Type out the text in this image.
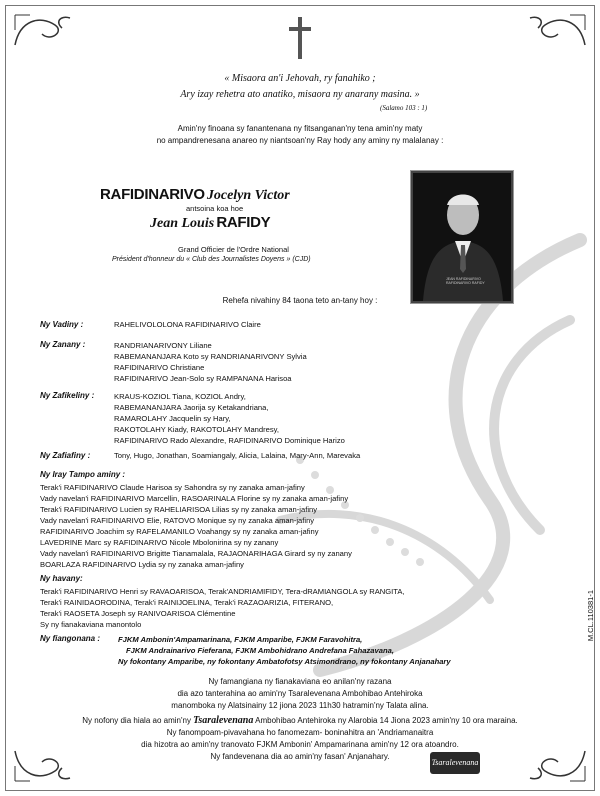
« Misaora an'i Jehovah, ry fanahiko ;
Ary izay rehetra ato anatiko, misaora ny anarany masina. »
(Salamo 103 : 1)
Amin'ny finoana sy fanantenana ny fitsanganan'ny tena amin'ny maty
no ampandrenesana anareo ny niantsoan'ny Ray hody any aminy ny malalanay :
RAFIDINARIVO Jocelyn Victor
antsoina koa hoe
Jean Louis RAFIDY
Grand Officier de l'Ordre National
Président d'honneur du « Club des Journalistes Doyens » (CJD)
JEAN RAFIDINARIVO
RAFIDINARIVO RAFIDY
Rehefa nivahiny 84 taona teto an-tany hoy :
Ny Vadiny :	RAHELIVOLOLONA RAFIDINARIVO Claire
Ny Zanany :	RANDRIANARIVONY Liliane
RABEMANANJARA Koto sy RANDRIANARIVONY Sylvia
RAFIDINARIVO Christiane
RAFIDINARIVO Jean-Solo sy RAMPANANA Harisoa
Ny Zafikeliny :	KRAUS-KOZIOL Tiana, KOZIOL Andry,
RABEMANANJARA Jaorija sy Ketakandriana,
RAMAROLAHY Jacquelin sy Hary,
RAKOTOLAHY Kiady, RAKOTOLAHY Mandresy,
RAFIDINARIVO Rado Alexandre, RAFIDINARIVO Dominique Harizo
Ny Zafiafiny :	Tony, Hugo, Jonathan, Soamiangaly, Alicia, Lalaina, Mary-Ann, Marevaka
Ny Iray Tampo aminy :
Terak'i RAFIDINARIVO Claude Harisoa sy Sahondra sy ny zanaka aman-jafiny
Vady navelan'i RAFIDINARIVO Marcellin, RASOARINALA Florine sy ny zanaka aman-jafiny
Terak'i RAFIDINARIVO Lucien sy RAHELIARISOA Lilias sy ny zanaka aman-jafiny
Vady navelan'i RAFIDINARIVO Elie, RATOVO Monique sy ny zanaka aman-jafiny
RAFIDINARIVO Joachim sy RAFELAMANILO Voahangy sy ny zanaka aman-jafiny
LAVEDRINE Marc sy RAFIDINARIVO Nicole Mbolonirina sy ny zanany
Vady navelan'i RAFIDINARIVO Brigitte Tianamalala, RAJAONARIHAGA Girard sy ny zanany
BOARLAZA RAFIDINARIVO Lydia sy ny zanaka aman-jafiny
Ny havany:
Terak'i RAFIDINARIVO Henri sy RAVAOARISOA, Terak'ANDRIAMIFIDY, Tera-dRAMIANGOLA sy RANGITA,
Terak'i RAINIDAORODINA, Terak'i RAINIJOELINA, Terak'i RAZAOARIZIA, FITERANO,
Terak'i RAOSETA Joseph sy RANIVOARISOA Clémentine
Sy ny fianakaviana manontolo
Ny fiangonana : FJKM Ambonin'Ampamarinana, FJKM Amparibe, FJKM Faravohitra,
FJKM Andrainarivo Fieferana, FJKM Ambohidrano Andrefana Fahazavana,
Ny fokontany Amparibe, ny fokontany Ambatofotsy Atsimondrano, ny fokontany Anjanahary
Ny famangiana ny fianakaviana eo anilan'ny razana
dia azo tanterahina ao amin'ny Tsaralevenana Ambohibao Antehiroka
manomboka ny Alatsinainy 12 jiona 2023 11h30 hatramin'ny Talata alina.
Ny nofony dia hiala ao amin'ny Tsaralevenana Ambohibao Antehiroka ny Alarobia 14 Jiona 2023 amin'ny 10 ora maraina.
Ny fanompoam-pivavahana ho fanomezam- boninahitra an 'Andriamanaitra
dia hizotra ao amin'ny tranovato FJKM Ambonin' Ampamarinana amin'ny 12 ora atoandro.
Ny fandevenana dia ao amin'ny fasan' Anjanahary.
M.CL.110381-1
Tsaralevenana
